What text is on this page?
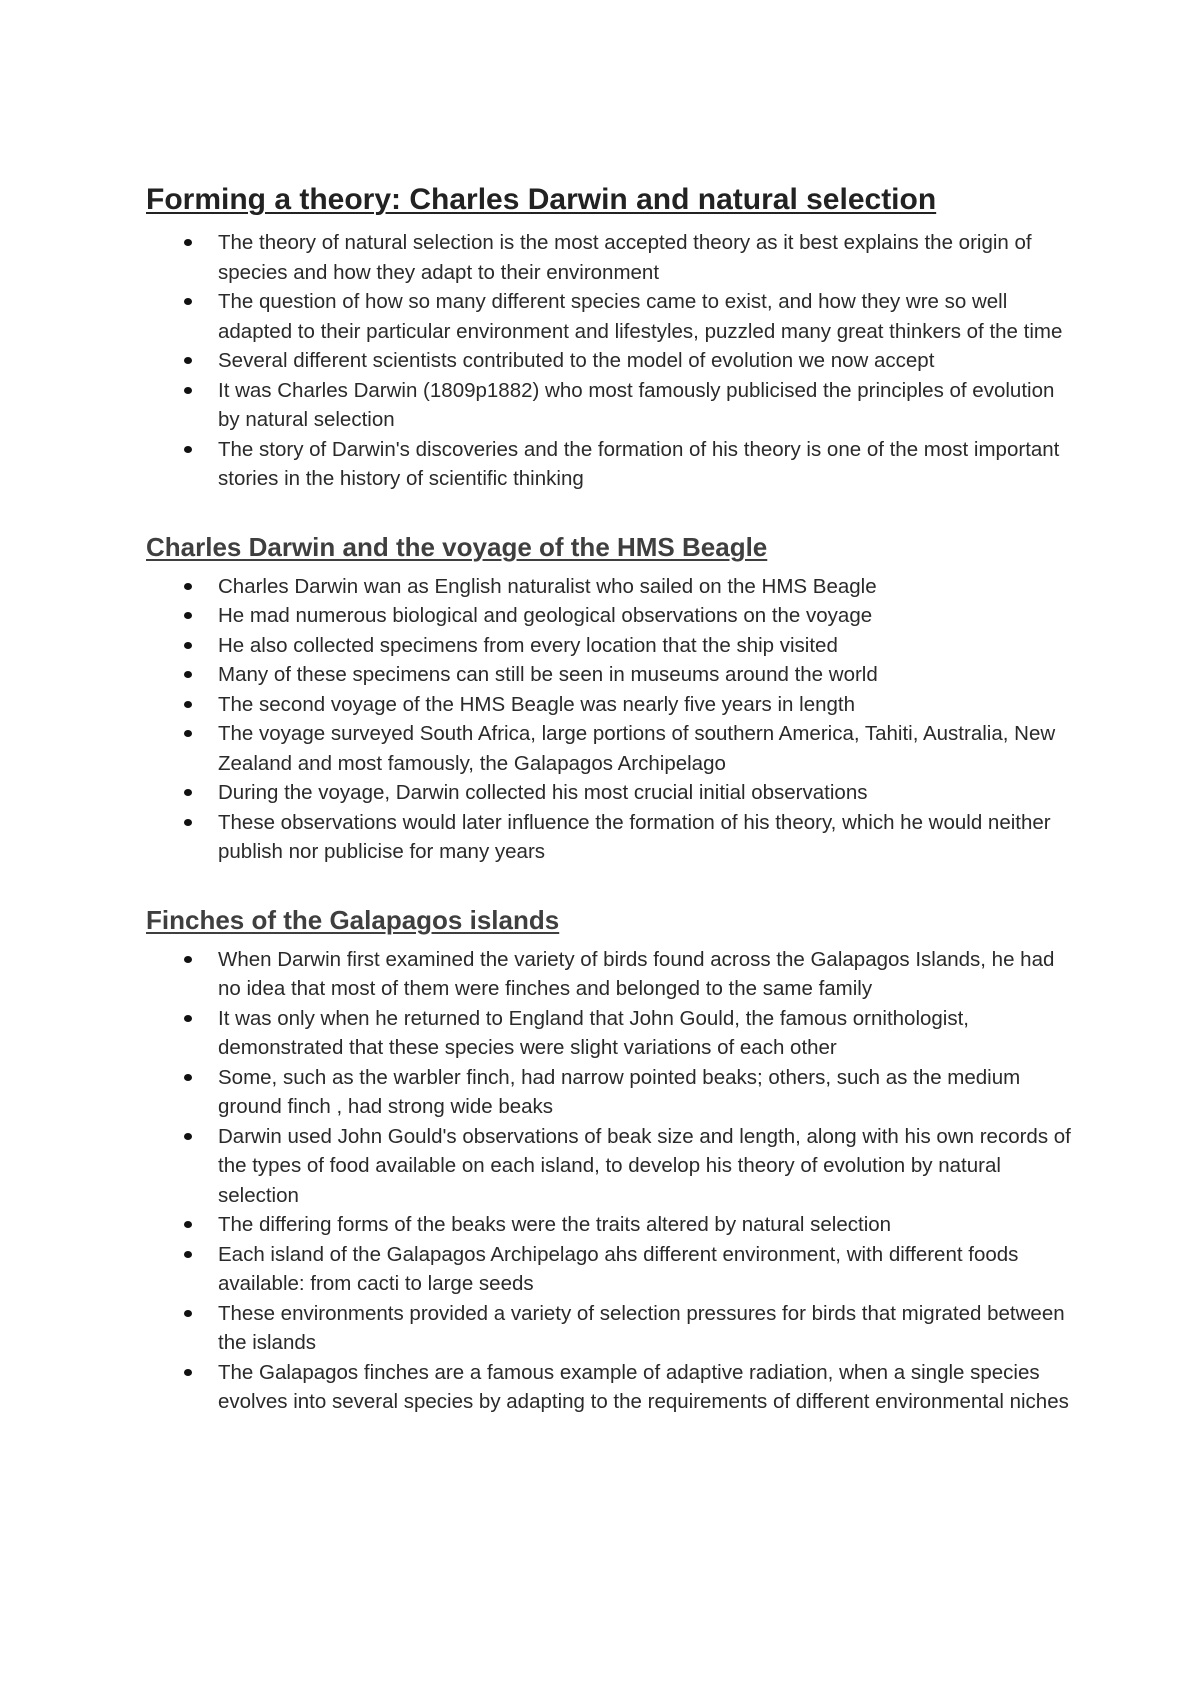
Forming a theory: Charles Darwin and natural selection
The theory of natural selection is the most accepted theory as it best explains the origin of species and how they adapt to their environment
The question of how so many different species came to exist, and how they wre so well adapted to their particular environment and lifestyles, puzzled many great thinkers of the time
Several different scientists contributed to the model of evolution we now accept
It was Charles Darwin (1809p1882) who most famously publicised the principles of evolution by natural selection
The story of Darwin's discoveries and the formation of his theory is one of the most important stories in the history of scientific thinking
Charles Darwin and the voyage of the HMS Beagle
Charles Darwin wan as English naturalist who sailed on the HMS Beagle
He mad numerous biological and geological observations on the voyage
He also collected specimens from every location that the ship visited
Many of these specimens can still be seen in museums around the world
The second voyage of the HMS Beagle was nearly five years in length
The voyage surveyed South Africa, large portions of southern America, Tahiti, Australia, New Zealand and most famously, the Galapagos Archipelago
During the voyage, Darwin collected his most crucial initial observations
These observations would later influence the formation of his theory, which he would neither publish nor publicise for many years
Finches of the Galapagos islands
When Darwin first examined the variety of birds found across the Galapagos Islands, he had no idea that most of them were finches and belonged to the same family
It was only when he returned to England that John Gould, the famous ornithologist, demonstrated that these species were slight variations of each other
Some, such as the warbler finch, had narrow pointed beaks; others, such as the medium ground finch , had strong wide beaks
Darwin used John Gould's observations of beak size and length, along with his own records of the types of food available on each island, to develop his theory of evolution by natural selection
The differing forms of the beaks were the traits altered by natural selection
Each island of the Galapagos Archipelago ahs different environment, with different foods available: from cacti to large seeds
These environments provided a variety of selection pressures for birds that migrated between the islands
The Galapagos finches are a famous example of adaptive radiation, when a single species evolves into several species by adapting to the requirements of different environmental niches
